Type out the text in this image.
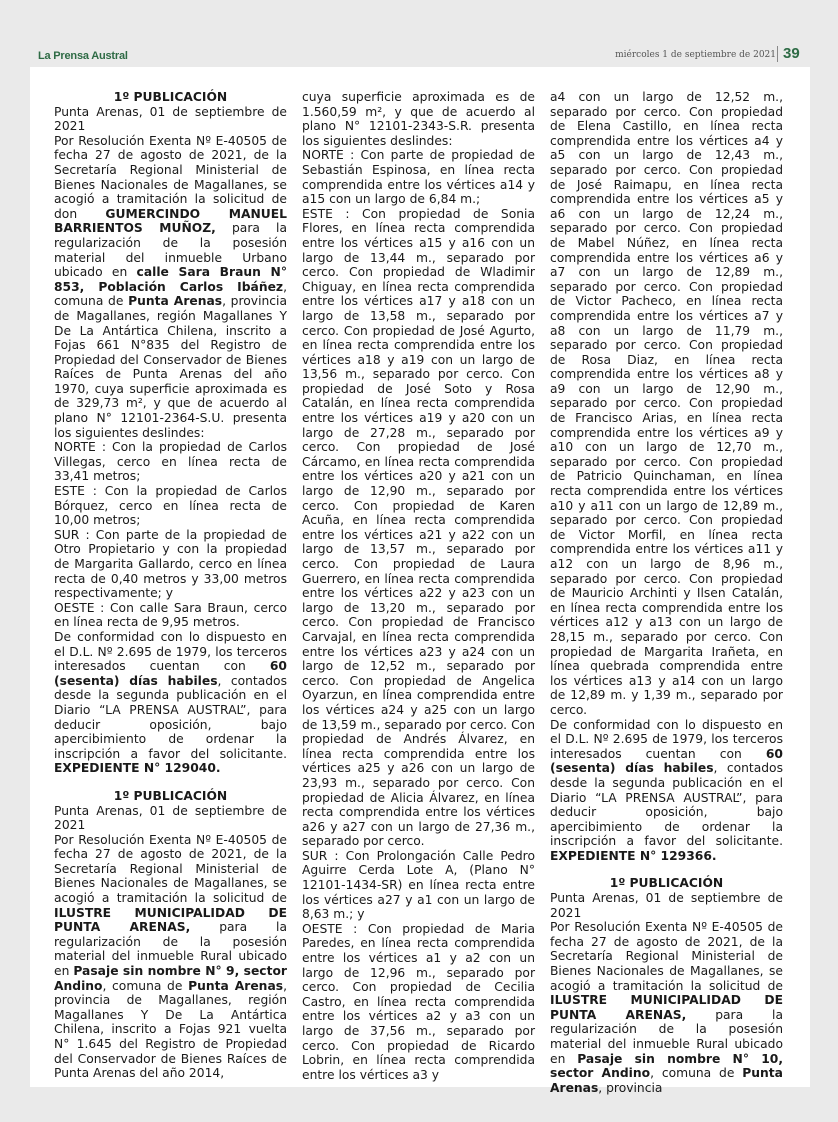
La Prensa Austral	miércoles 1 de septiembre de 2021 39

1º PUBLICACIÓN

Punta Arenas, 01 de septiembre de 2021

Por Resolución Exenta Nº E-40505 de fecha 27 de agosto de 2021, de la Secretaría Regional Ministerial de Bienes Nacionales de Magallanes, se acogió a tramitación la solicitud de don GUMERCINDO MANUEL BARRIENTOS MUÑOZ, para la regularización de la posesión material del inmueble Urbano ubicado en calle Sara Braun N° 853, Población Carlos Ibáñez, comuna de Punta Arenas, provincia de Magallanes, región Magallanes Y De La Antártica Chilena, inscrito a Fojas 661 N°835 del Registro de Propiedad del Conservador de Bienes Raíces de Punta Arenas del año 1970, cuya superficie aproximada es de 329,73 m², y que de acuerdo al plano N° 12101-2364-S.U. presenta los siguientes deslindes:

NORTE : Con la propiedad de Carlos Villegas, cerco en línea recta de 33,41 metros;

ESTE : Con la propiedad de Carlos Bórquez, cerco en línea recta de 10,00 metros;

SUR : Con parte de la propiedad de Otro Propietario y con la propiedad de Margarita Gallardo, cerco en línea recta de 0,40 metros y 33,00 metros respectivamente; y

OESTE : Con calle Sara Braun, cerco en línea recta de 9,95 metros.

De conformidad con lo dispuesto en el D.L. Nº 2.695 de 1979, los terceros interesados cuentan con 60 (sesenta) días habiles, contados desde la segunda publicación en el Diario “LA PRENSA AUSTRAL”, para deducir oposición, bajo apercibimiento de ordenar la inscripción a favor del solicitante. EXPEDIENTE N° 129040.

1º PUBLICACIÓN

Punta Arenas, 01 de septiembre de 2021

Por Resolución Exenta Nº E-40505 de fecha 27 de agosto de 2021, de la Secretaría Regional Ministerial de Bienes Nacionales de Magallanes, se acogió a tramitación la solicitud de ILUSTRE MUNICIPALIDAD DE PUNTA ARENAS, para la regularización de la posesión material del inmueble Rural ubicado en Pasaje sin nombre N° 9, sector Andino, comuna de Punta Arenas, provincia de Magallanes, región Magallanes Y De La Antártica Chilena, inscrito a Fojas 921 vuelta N° 1.645 del Registro de Propiedad del Conservador de Bienes Raíces de Punta Arenas del año 2014,

cuya superficie aproximada es de 1.560,59 m², y que de acuerdo al plano N° 12101-2343-S.R. presenta los siguientes deslindes:

NORTE : Con parte de propiedad de Sebastián Espinosa, en línea recta comprendida entre los vértices a14 y a15 con un largo de 6,84 m.;

ESTE : Con propiedad de Sonia Flores, en línea recta comprendida entre los vértices a15 y a16 con un largo de 13,44 m., separado por cerco. Con propiedad de Wladimir Chiguay, en línea recta comprendida entre los vértices a17 y a18 con un largo de 13,58 m., separado por cerco. Con propiedad de José Agurto, en línea recta comprendida entre los vértices a18 y a19 con un largo de 13,56 m., separado por cerco. Con propiedad de José Soto y Rosa Catalán, en línea recta comprendida entre los vértices a19 y a20 con un largo de 27,28 m., separado por cerco. Con propiedad de José Cárcamo, en línea recta comprendida entre los vértices a20 y a21 con un largo de 12,90 m., separado por cerco. Con propiedad de Karen Acuña, en línea recta comprendida entre los vértices a21 y a22 con un largo de 13,57 m., separado por cerco. Con propiedad de Laura Guerrero, en línea recta comprendida entre los vértices a22 y a23 con un largo de 13,20 m., separado por cerco. Con propiedad de Francisco Carvajal, en línea recta comprendida entre los vértices a23 y a24 con un largo de 12,52 m., separado por cerco. Con propiedad de Angelica Oyarzun, en línea comprendida entre los vértices a24 y a25 con un largo de 13,59 m., separado por cerco. Con propiedad de Andrés Álvarez, en línea recta comprendida entre los vértices a25 y a26 con un largo de 23,93 m., separado por cerco. Con propiedad de Alicia Álvarez, en línea recta comprendida entre los vértices a26 y a27 con un largo de 27,36 m., separado por cerco.

SUR : Con Prolongación Calle Pedro Aguirre Cerda Lote A, (Plano N° 12101-1434-SR) en línea recta entre los vértices a27 y a1 con un largo de 8,63 m.; y

OESTE : Con propiedad de Maria Paredes, en línea recta comprendida entre los vértices a1 y a2 con un largo de 12,96 m., separado por cerco. Con propiedad de Cecilia Castro, en línea recta comprendida entre los vértices a2 y a3 con un largo de 37,56 m., separado por cerco. Con propiedad de Ricardo Lobrin, en línea recta comprendida entre los vértices a3 y

a4 con un largo de 12,52 m., separado por cerco. Con propiedad de Elena Castillo, en línea recta comprendida entre los vértices a4 y a5 con un largo de 12,43 m., separado por cerco. Con propiedad de José Raimapu, en línea recta comprendida entre los vértices a5 y a6 con un largo de 12,24 m., separado por cerco. Con propiedad de Mabel Núñez, en línea recta comprendida entre los vértices a6 y a7 con un largo de 12,89 m., separado por cerco. Con propiedad de Victor Pacheco, en línea recta comprendida entre los vértices a7 y a8 con un largo de 11,79 m., separado por cerco. Con propiedad de Rosa Diaz, en línea recta comprendida entre los vértices a8 y a9 con un largo de 12,90 m., separado por cerco. Con propiedad de Francisco Arias, en línea recta comprendida entre los vértices a9 y a10 con un largo de 12,70 m., separado por cerco. Con propiedad de Patricio Quinchaman, en línea recta comprendida entre los vértices a10 y a11 con un largo de 12,89 m., separado por cerco. Con propiedad de Victor Morfil, en línea recta comprendida entre los vértices a11 y a12 con un largo de 8,96 m., separado por cerco. Con propiedad de Mauricio Archinti y Ilsen Catalán, en línea recta comprendida entre los vértices a12 y a13 con un largo de 28,15 m., separado por cerco. Con propiedad de Margarita Irañeta, en línea quebrada comprendida entre los vértices a13 y a14 con un largo de 12,89 m. y 1,39 m., separado por cerco.

De conformidad con lo dispuesto en el D.L. Nº 2.695 de 1979, los terceros interesados cuentan con 60 (sesenta) días habiles, contados desde la segunda publicación en el Diario “LA PRENSA AUSTRAL”, para deducir oposición, bajo apercibimiento de ordenar la inscripción a favor del solicitante. EXPEDIENTE N° 129366.

1º PUBLICACIÓN

Punta Arenas, 01 de septiembre de 2021

Por Resolución Exenta Nº E-40505 de fecha 27 de agosto de 2021, de la Secretaría Regional Ministerial de Bienes Nacionales de Magallanes, se acogió a tramitación la solicitud de ILUSTRE MUNICIPALIDAD DE PUNTA ARENAS, para la regularización de la posesión material del inmueble Rural ubicado en Pasaje sin nombre N° 10, sector Andino, comuna de Punta Arenas, provincia
